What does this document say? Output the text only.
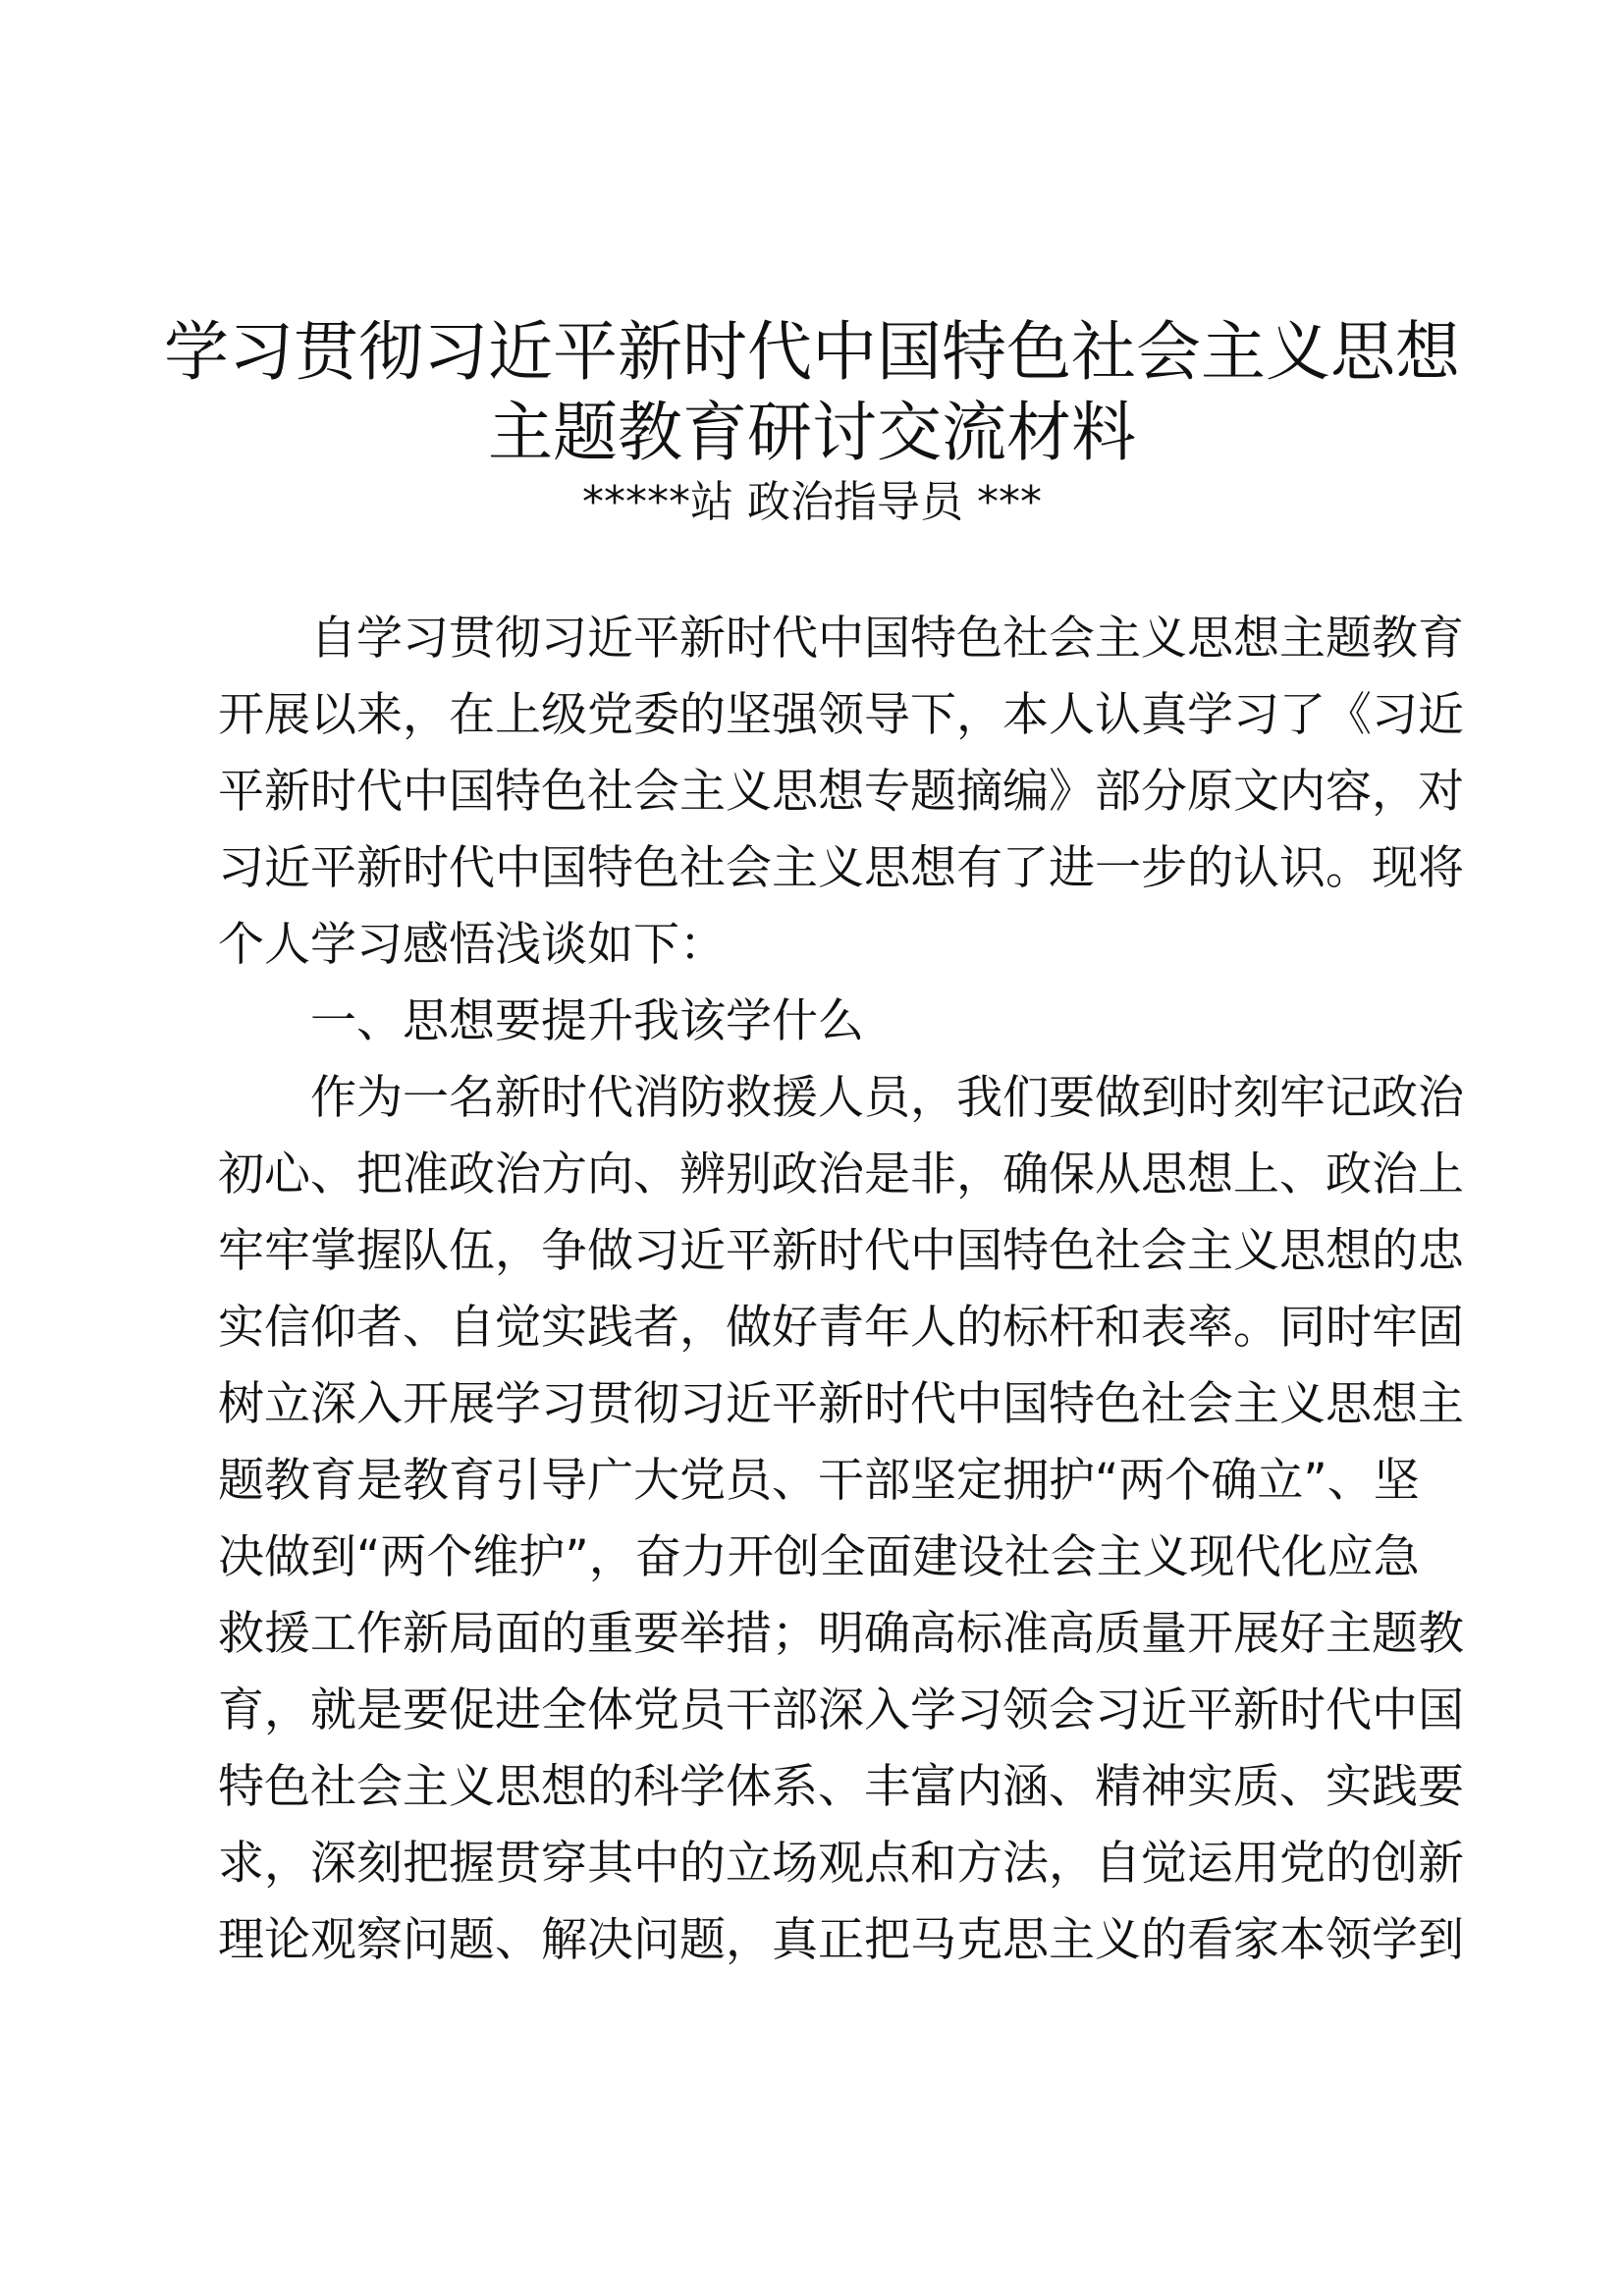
学习贯彻习近平新时代中国特色社会主义思想
主题教育研讨交流材料
*****站 政治指导员 ***
　　自学习贯彻习近平新时代中国特色社会主义思想主题教育
开展以来，在上级党委的坚强领导下，本人认真学习了《习近
平新时代中国特色社会主义思想专题摘编》部分原文内容，对
习近平新时代中国特色社会主义思想有了进一步的认识。现将
个人学习感悟浅谈如下：
　　一、思想要提升我该学什么
　　作为一名新时代消防救援人员，我们要做到时刻牢记政治
初心、把准政治方向、辨别政治是非，确保从思想上、政治上
牢牢掌握队伍，争做习近平新时代中国特色社会主义思想的忠
实信仰者、自觉实践者，做好青年人的标杆和表率。同时牢固
树立深入开展学习贯彻习近平新时代中国特色社会主义思想主
题教育是教育引导广大党员、干部坚定拥护“两个确立”、坚
决做到“两个维护”，奋力开创全面建设社会主义现代化应急
救援工作新局面的重要举措；明确高标准高质量开展好主题教
育，就是要促进全体党员干部深入学习领会习近平新时代中国
特色社会主义思想的科学体系、丰富内涵、精神实质、实践要
求，深刻把握贯穿其中的立场观点和方法，自觉运用党的创新
理论观察问题、解决问题，真正把马克思主义的看家本领学到
